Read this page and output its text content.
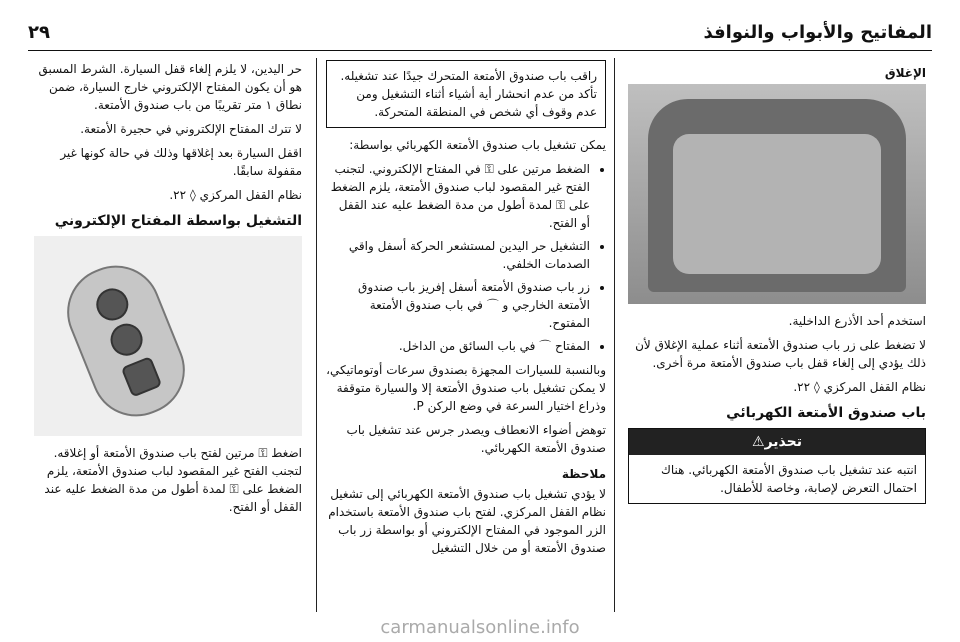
المفاتيح والأبواب والنوافذ
٢٩
الإغلاق

استخدم أحد الأذرع الداخلية.

لا تضغط على زر باب صندوق الأمتعة أثناء عملية الإغلاق لأن ذلك يؤدي إلى إلغاء قفل باب صندوق الأمتعة مرة أخرى.

نظام القفل المركزي ◊ ٢٢.

باب صندوق الأمتعة الكهربائي
تحذير⚠
انتبه عند تشغيل باب صندوق الأمتعة الكهربائي. هناك احتمال التعرض لإصابة، وخاصة للأطفال.
راقب باب صندوق الأمتعة المتحرك جيدًا عند تشغيله. تأكد من عدم انحشار أية أشياء أثناء التشغيل ومن عدم وقوف أي شخص في المنطقة المتحركة.

يمكن تشغيل باب صندوق الأمتعة الكهربائي بواسطة:

• الضغط مرتين على ⚿ في المفتاح الإلكتروني. لتجنب الفتح غير المقصود لباب صندوق الأمتعة، يلزم الضغط على ⚿ لمدة أطول من مدة الضغط عليه عند القفل أو الفتح.
• التشغيل حر اليدين لمستشعر الحركة أسفل واقي الصدمات الخلفي.
• زر باب صندوق الأمتعة أسفل إفريز باب صندوق الأمتعة الخارجي و ⌒ في باب صندوق الأمتعة المفتوح.
• المفتاح ⌒ في باب السائق من الداخل.

وبالنسبة للسيارات المجهزة بصندوق سرعات أوتوماتيكي، لا يمكن تشغيل باب صندوق الأمتعة إلا والسيارة متوقفة وذراع اختيار السرعة في وضع الركن P.

توهض أضواء الانعطاف ويصدر جرس عند تشغيل باب صندوق الأمتعة الكهربائي.

ملاحظة

لا يؤدي تشغيل باب صندوق الأمتعة الكهربائي إلى تشغيل نظام القفل المركزي. لفتح باب صندوق الأمتعة باستخدام الزر الموجود في المفتاح الإلكتروني أو بواسطة زر باب صندوق الأمتعة أو من خلال التشغيل

حر اليدين، لا يلزم إلغاء قفل السيارة. الشرط المسبق هو أن يكون المفتاح الإلكتروني خارج السيارة، ضمن نطاق ١ متر تقريبًا من باب صندوق الأمتعة.

لا تترك المفتاح الإلكتروني في حجيرة الأمتعة.

اقفل السيارة بعد إغلاقها وذلك في حالة كونها غير مقفولة سابقًا.

نظام القفل المركزي ◊ ٢٢.

التشغيل بواسطة المفتاح الإلكتروني

اضغط ⚿ مرتين لفتح باب صندوق الأمتعة أو إغلاقه. لتجنب الفتح غير المقصود لباب صندوق الأمتعة، يلزم الضغط على ⚿ لمدة أطول من مدة الضغط عليه عند القفل أو الفتح.

carmanualsonline.info
